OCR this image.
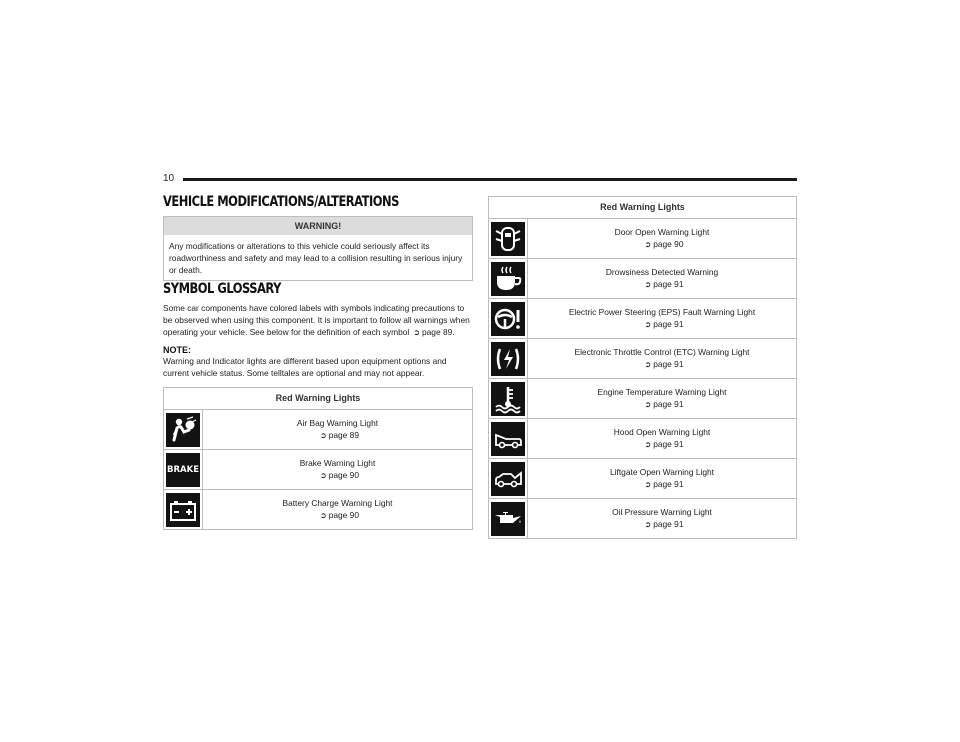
10
VEHICLE MODIFICATIONS/ALTERATIONS
WARNING!
Any modifications or alterations to this vehicle could seriously affect its roadworthiness and safety and may lead to a collision resulting in serious injury or death.
SYMBOL GLOSSARY
Some car components have colored labels with symbols indicating precautions to be observed when using this component. It is important to follow all warnings when operating your vehicle. See below for the definition of each symbol ➲ page 89.
NOTE:
Warning and Indicator lights are different based upon equipment options and current vehicle status. Some telltales are optional and may not appear.
Red Warning Lights	

Air Bag Warning Light
➲ page 89

BRAKE	Brake Warning Light
➲ page 90

Battery Charge Warning Light
➲ page 90
Red Warning Lights	

Door Open Warning Light
➲ page 90

Drowsiness Detected Warning
➲ page 91

Electric Power Steering (EPS) Fault Warning Light
➲ page 91

Electronic Throttle Control (ETC) Warning Light
➲ page 91

Engine Temperature Warning Light
➲ page 91

Hood Open Warning Light
➲ page 91

Liftgate Open Warning Light
➲ page 91

Oil Pressure Warning Light
➲ page 91
